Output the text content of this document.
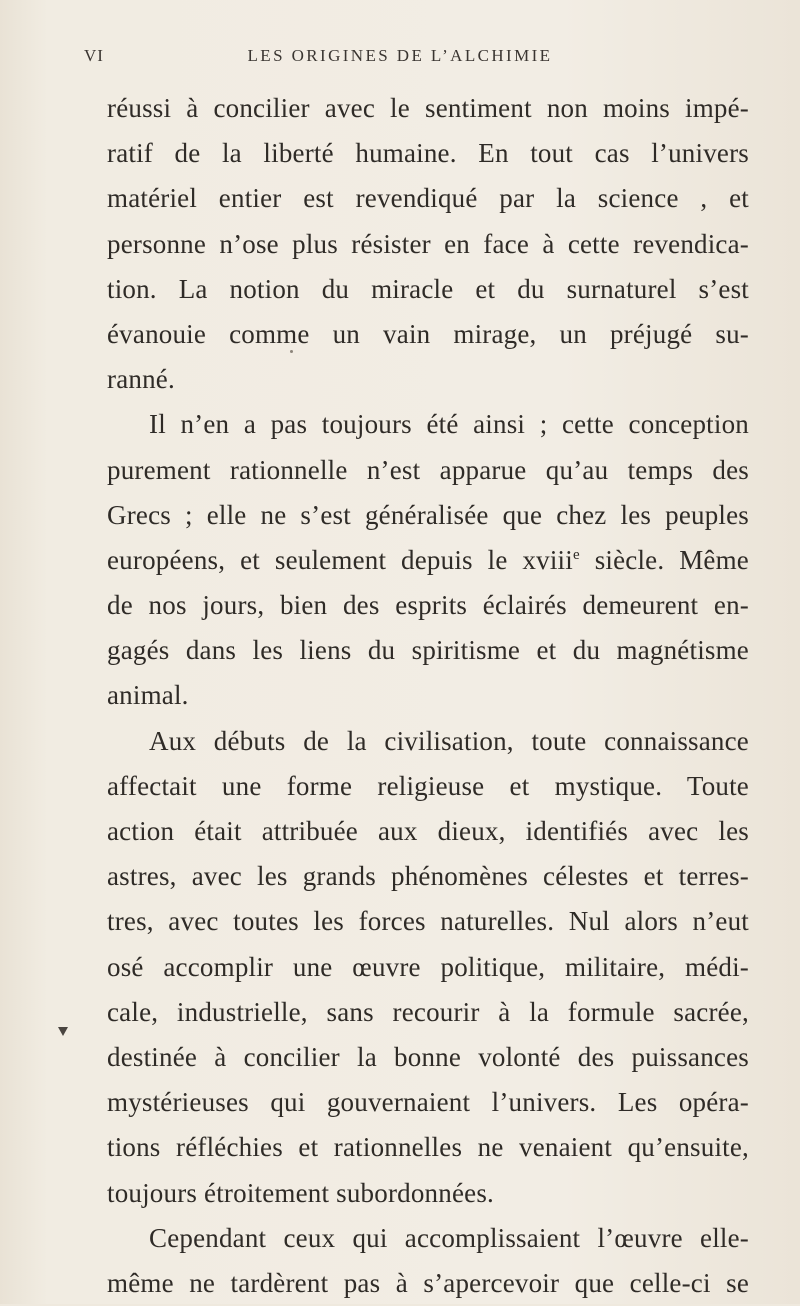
VI	LES ORIGINES DE L’ALCHIMIE
réussi à concilier avec le sentiment non moins impé-
ratif de la liberté humaine. En tout cas l’univers
matériel entier est revendiqué par la science , et
personne n’ose plus résister en face à cette revendica-
tion. La notion du miracle et du surnaturel s’est
évanouie comme un vain mirage, un préjugé su-
ranné.
Il n’en a pas toujours été ainsi ; cette conception
purement rationnelle n’est apparue qu’au temps des
Grecs ; elle ne s’est généralisée que chez les peuples
européens, et seulement depuis le xviii$^e$ siècle. Même
de nos jours, bien des esprits éclairés demeurent en-
gagés dans les liens du spiritisme et du magnétisme
animal.
Aux débuts de la civilisation, toute connaissance
affectait une forme religieuse et mystique. Toute
action était attribuée aux dieux, identifiés avec les
astres, avec les grands phénomènes célestes et terres-
tres, avec toutes les forces naturelles. Nul alors n’eut
osé accomplir une œuvre politique, militaire, médi-
cale, industrielle, sans recourir à la formule sacrée,
destinée à concilier la bonne volonté des puissances
mystérieuses qui gouvernaient l’univers. Les opéra-
tions réfléchies et rationnelles ne venaient qu’ensuite,
toujours étroitement subordonnées.
Cependant ceux qui accomplissaient l’œuvre elle-
même ne tardèrent pas à s’apercevoir que celle-ci se
